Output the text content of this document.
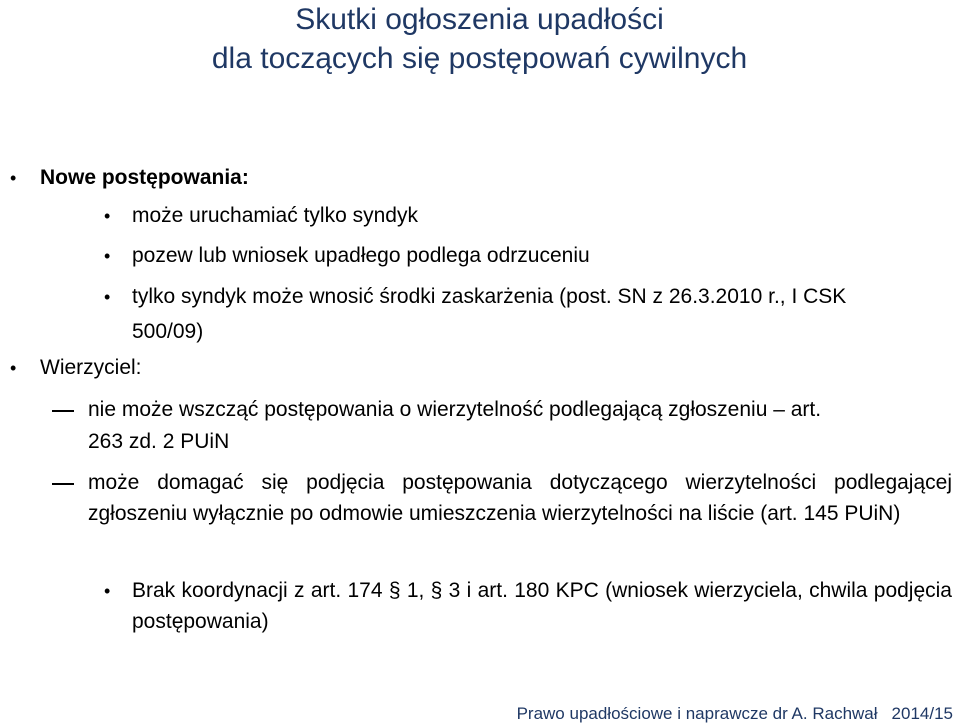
Skutki ogłoszenia upadłości
dla toczących się postępowań cywilnych
• Nowe postępowania:
• może uruchamiać tylko syndyk
• pozew lub wniosek upadłego podlega odrzuceniu
• tylko syndyk może wnosić środki zaskarżenia (post. SN z 26.3.2010 r., I CSK
500/09)
• Wierzyciel:
nie może wszcząć postępowania o wierzytelność podlegającą zgłoszeniu – art.
263 zd. 2 PUiN
może domagać się podjęcia postępowania dotyczącego wierzytelności podlegającej zgłoszeniu wyłącznie po odmowie umieszczenia wierzytelności na liście (art. 145 PUiN)
• Brak koordynacji z art. 174 § 1, § 3 i art. 180 KPC (wniosek wierzyciela, chwila podjęcia postępowania)
Prawo upadłościowe i naprawcze dr A. Rachwał 2014/15
